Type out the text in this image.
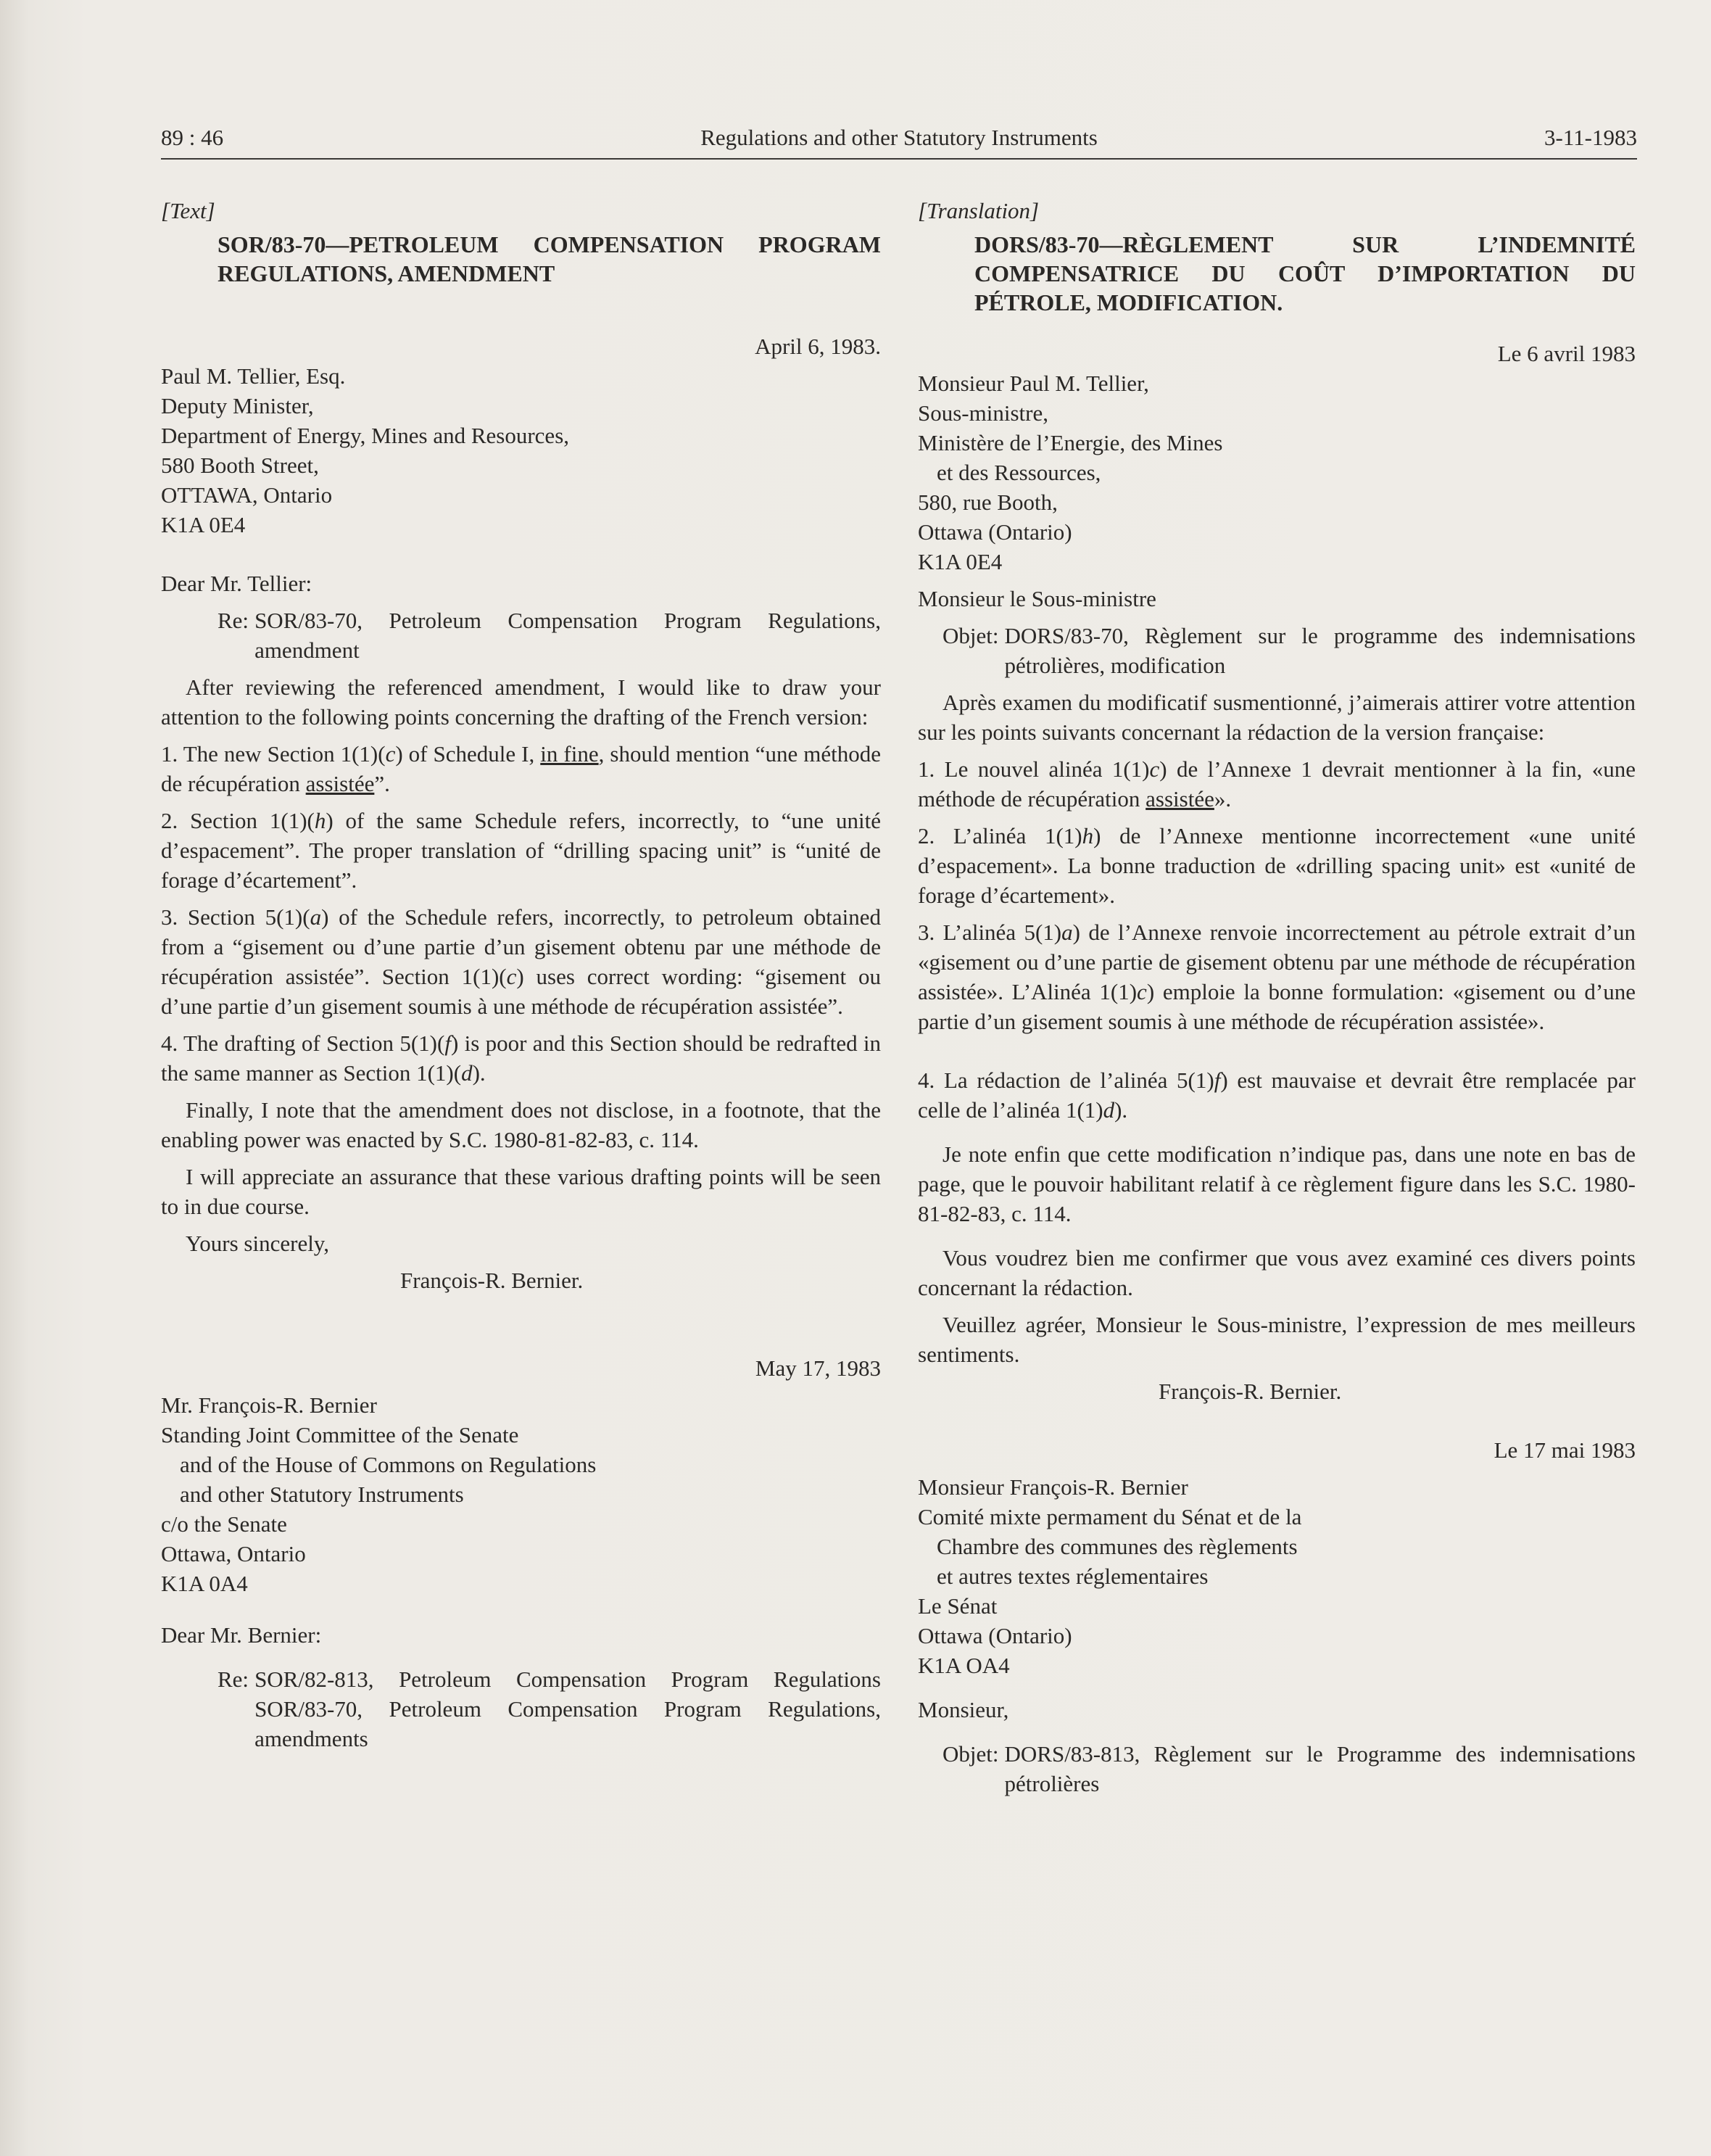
89 : 46	Regulations and other Statutory Instruments	3-11-1983

[Text]

SOR/83-70—PETROLEUM COMPENSATION PROGRAM REGULATIONS, AMENDMENT

April 6, 1983.

Paul M. Tellier, Esq.

Deputy Minister,

Department of Energy, Mines and Resources,

580 Booth Street,

OTTAWA, Ontario

K1A 0E4

Dear Mr. Tellier:

Re: SOR/83-70, Petroleum Compensation Program Regulations, amendment

After reviewing the referenced amendment, I would like to draw your attention to the following points concerning the drafting of the French version:

1. The new Section 1(1)(c) of Schedule I, in fine, should mention “une méthode de récupération assistée”.

2. Section 1(1)(h) of the same Schedule refers, incorrectly, to “une unité d’espacement”. The proper translation of “drilling spacing unit” is “unité de forage d’écartement”.

3. Section 5(1)(a) of the Schedule refers, incorrectly, to petroleum obtained from a “gisement ou d’une partie d’un gisement obtenu par une méthode de récupération assistée”. Section 1(1)(c) uses correct wording: “gisement ou d’une partie d’un gisement soumis à une méthode de récupération assistée”.

4. The drafting of Section 5(1)(f) is poor and this Section should be redrafted in the same manner as Section 1(1)(d).

Finally, I note that the amendment does not disclose, in a footnote, that the enabling power was enacted by S.C. 1980-81-82-83, c. 114.

I will appreciate an assurance that these various drafting points will be seen to in due course.

Yours sincerely,

François-R. Bernier.

May 17, 1983

Mr. François-R. Bernier

Standing Joint Committee of the Senate

and of the House of Commons on Regulations

and other Statutory Instruments

c/o the Senate

Ottawa, Ontario

K1A 0A4

Dear Mr. Bernier:

Re: SOR/82-813, Petroleum Compensation Program Regulations SOR/83-70, Petroleum Compensation Program Regulations, amendments

[Translation]

DORS/83-70—RÈGLEMENT SUR L’INDEMNITÉ COMPENSATRICE DU COÛT D’IMPORTATION DU PÉTROLE, MODIFICATION.

Le 6 avril 1983

Monsieur Paul M. Tellier,

Sous-ministre,

Ministère de l’Energie, des Mines

et des Ressources,

580, rue Booth,

Ottawa (Ontario)

K1A 0E4

Monsieur le Sous-ministre

Objet: DORS/83-70, Règlement sur le programme des indemnisations pétrolières, modification

Après examen du modificatif susmentionné, j’aimerais attirer votre attention sur les points suivants concernant la rédaction de la version française:

1. Le nouvel alinéa 1(1)c) de l’Annexe 1 devrait mentionner à la fin, «une méthode de récupération assistée».

2. L’alinéa 1(1)h) de l’Annexe mentionne incorrectement «une unité d’espacement». La bonne traduction de «drilling spacing unit» est «unité de forage d’écartement».

3. L’alinéa 5(1)a) de l’Annexe renvoie incorrectement au pétrole extrait d’un «gisement ou d’une partie de gisement obtenu par une méthode de récupération assistée». L’Alinéa 1(1)c) emploie la bonne formulation: «gisement ou d’une partie d’un gisement soumis à une méthode de récupération assistée».

4. La rédaction de l’alinéa 5(1)f) est mauvaise et devrait être remplacée par celle de l’alinéa 1(1)d).

Je note enfin que cette modification n’indique pas, dans une note en bas de page, que le pouvoir habilitant relatif à ce règlement figure dans les S.C. 1980-81-82-83, c. 114.

Vous voudrez bien me confirmer que vous avez examiné ces divers points concernant la rédaction.

Veuillez agréer, Monsieur le Sous-ministre, l’expression de mes meilleurs sentiments.

François-R. Bernier.

Le 17 mai 1983

Monsieur François-R. Bernier

Comité mixte permament du Sénat et de la

Chambre des communes des règlements

et autres textes réglementaires

Le Sénat

Ottawa (Ontario)

K1A OA4

Monsieur,

Objet: DORS/83-813, Règlement sur le Programme des indemnisations pétrolières
